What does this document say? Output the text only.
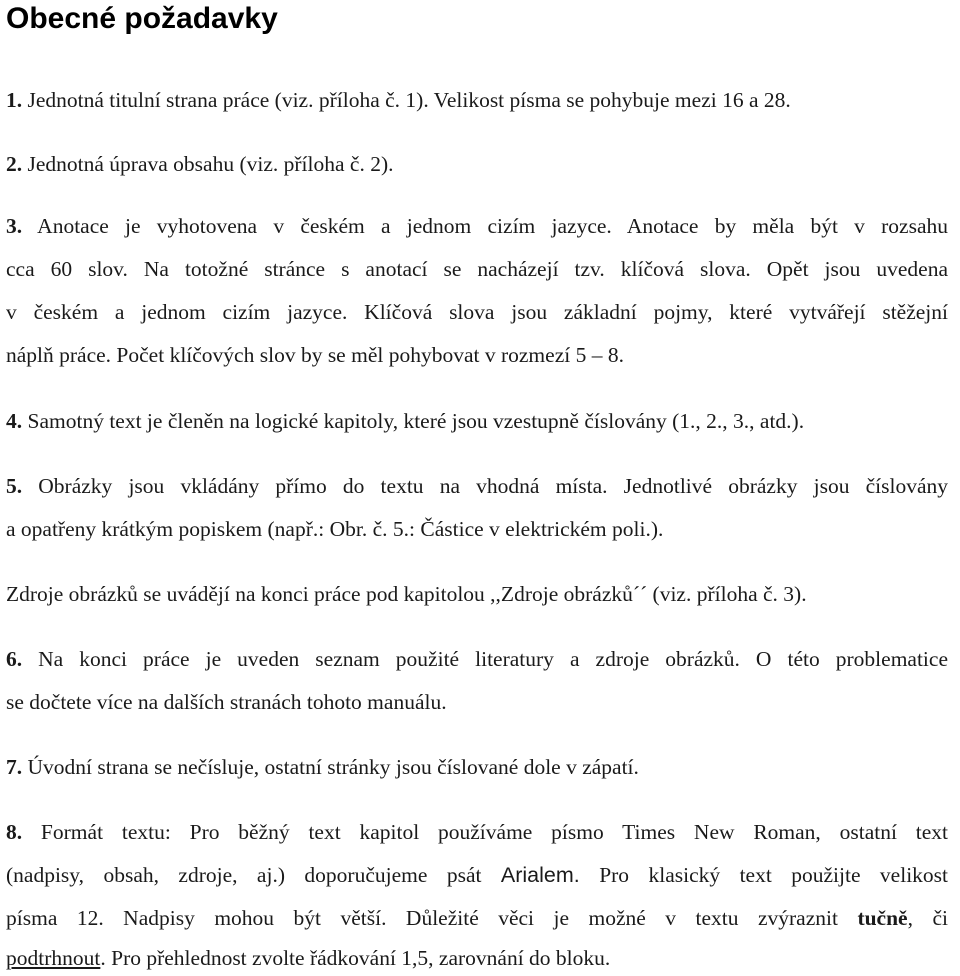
Obecné požadavky
1. Jednotná titulní strana práce (viz. příloha č. 1). Velikost písma se pohybuje mezi 16 a 28.
2. Jednotná úprava obsahu (viz. příloha č. 2).
3. Anotace je vyhotovena v českém a jednom cizím jazyce. Anotace by měla být v rozsahu
cca 60 slov. Na totožné stránce s anotací se nacházejí tzv. klíčová slova. Opět jsou uvedena
v českém a jednom cizím jazyce. Klíčová slova jsou základní pojmy, které vytvářejí stěžejní
náplň práce. Počet klíčových slov by se měl pohybovat v rozmezí 5 – 8.
4. Samotný text je členěn na logické kapitoly, které jsou vzestupně číslovány (1., 2., 3., atd.).
5. Obrázky jsou vkládány přímo do textu na vhodná místa. Jednotlivé obrázky jsou číslovány
a opatřeny krátkým popiskem (např.: Obr. č. 5.: Částice v elektrickém poli.).
Zdroje obrázků se uvádějí na konci práce pod kapitolou ,,Zdroje obrázků´´ (viz. příloha č. 3).
6. Na konci práce je uveden seznam použité literatury a zdroje obrázků. O této problematice
se dočtete více na dalších stranách tohoto manuálu.
7. Úvodní strana se nečísluje, ostatní stránky jsou číslované dole v zápatí.
8. Formát textu: Pro běžný text kapitol používáme písmo Times New Roman, ostatní text
(nadpisy, obsah, zdroje, aj.) doporučujeme psát Arialem. Pro klasický text použijte velikost
písma 12. Nadpisy mohou být větší. Důležité věci je možné v textu zvýraznit tučně, či
podtrhnout. Pro přehlednost zvolte řádkování 1,5, zarovnání do bloku.
